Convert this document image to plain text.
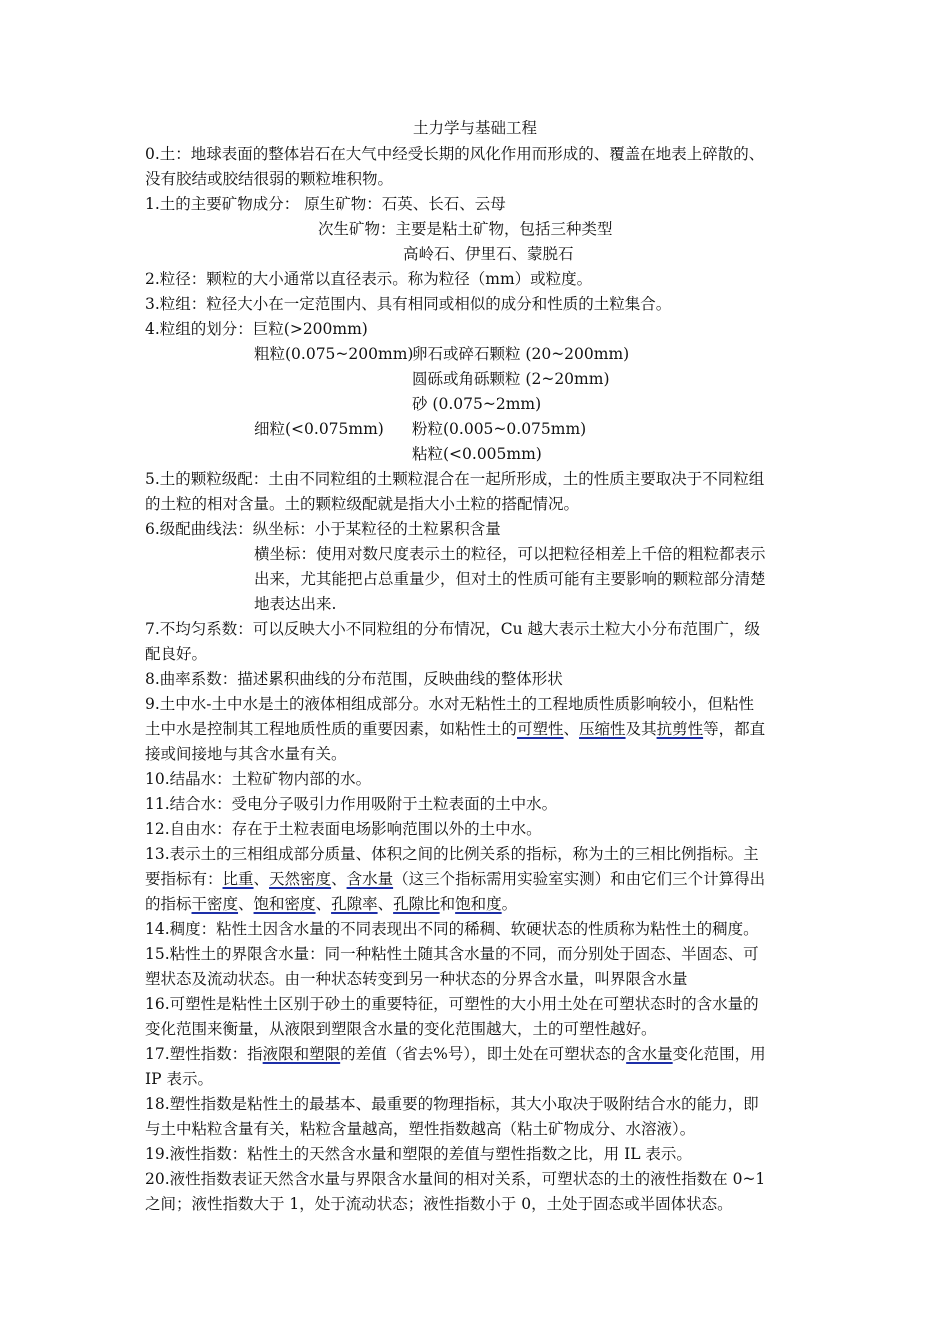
土力学与基础工程
0.土：地球表面的整体岩石在大气中经受长期的风化作用而形成的、覆盖在地表上碎散的、
没有胶结或胶结很弱的颗粒堆积物。
1.土的主要矿物成分： 原生矿物：石英、长石、云母
次生矿物：主要是粘土矿物，包括三种类型
高岭石、伊里石、蒙脱石
2.粒径：颗粒的大小通常以直径表示。称为粒径（mm）或粒度。
3.粒组：粒径大小在一定范围内、具有相同或相似的成分和性质的土粒集合。
4.粒组的划分：巨粒(>200mm)
粗粒(0.075~200mm)
卵石或碎石颗粒 (20~200mm)
圆砾或角砾颗粒 (2~20mm)
砂 (0.075~2mm)
细粒(<0.075mm) 粉粒(0.005~0.075mm)
粘粒(<0.005mm)
5.土的颗粒级配：土由不同粒组的土颗粒混合在一起所形成，土的性质主要取决于不同粒组
的土粒的相对含量。土的颗粒级配就是指大小土粒的搭配情况。
6.级配曲线法：纵坐标：小于某粒径的土粒累积含量
横坐标：使用对数尺度表示土的粒径，可以把粒径相差上千倍的粗粒都表示
出来，尤其能把占总重量少，但对土的性质可能有主要影响的颗粒部分清楚
地表达出来.
7.不均匀系数：可以反映大小不同粒组的分布情况，Cu 越大表示土粒大小分布范围广，级
配良好。
8.曲率系数：描述累积曲线的分布范围，反映曲线的整体形状
9.土中水-土中水是土的液体相组成部分。水对无粘性土的工程地质性质影响较小，但粘性
土中水是控制其工程地质性质的重要因素，如粘性土的可塑性、压缩性及其抗剪性等，都直
接或间接地与其含水量有关。
10.结晶水：土粒矿物内部的水。
11.结合水：受电分子吸引力作用吸附于土粒表面的土中水。
12.自由水：存在于土粒表面电场影响范围以外的土中水。
13.表示土的三相组成部分质量、体积之间的比例关系的指标，称为土的三相比例指标。主
要指标有：比重、天然密度、含水量（这三个指标需用实验室实测）和由它们三个计算得出
的指标干密度、饱和密度、孔隙率、孔隙比和饱和度。
14.稠度：粘性土因含水量的不同表现出不同的稀稠、软硬状态的性质称为粘性土的稠度。
15.粘性土的界限含水量：同一种粘性土随其含水量的不同，而分别处于固态、半固态、可
塑状态及流动状态。由一种状态转变到另一种状态的分界含水量，叫界限含水量
16.可塑性是粘性土区别于砂土的重要特征，可塑性的大小用土处在可塑状态时的含水量的
变化范围来衡量，从液限到塑限含水量的变化范围越大，土的可塑性越好。
17.塑性指数：指液限和塑限的差值（省去%号），即土处在可塑状态的含水量变化范围，用
IP 表示。
18.塑性指数是粘性土的最基本、最重要的物理指标，其大小取决于吸附结合水的能力，即
与土中粘粒含量有关，粘粒含量越高，塑性指数越高（粘土矿物成分、水溶液）。
19.液性指数：粘性土的天然含水量和塑限的差值与塑性指数之比，用 IL 表示。
20.液性指数表证天然含水量与界限含水量间的相对关系，可塑状态的土的液性指数在 0~1
之间；液性指数大于 1，处于流动状态；液性指数小于 0，土处于固态或半固体状态。
